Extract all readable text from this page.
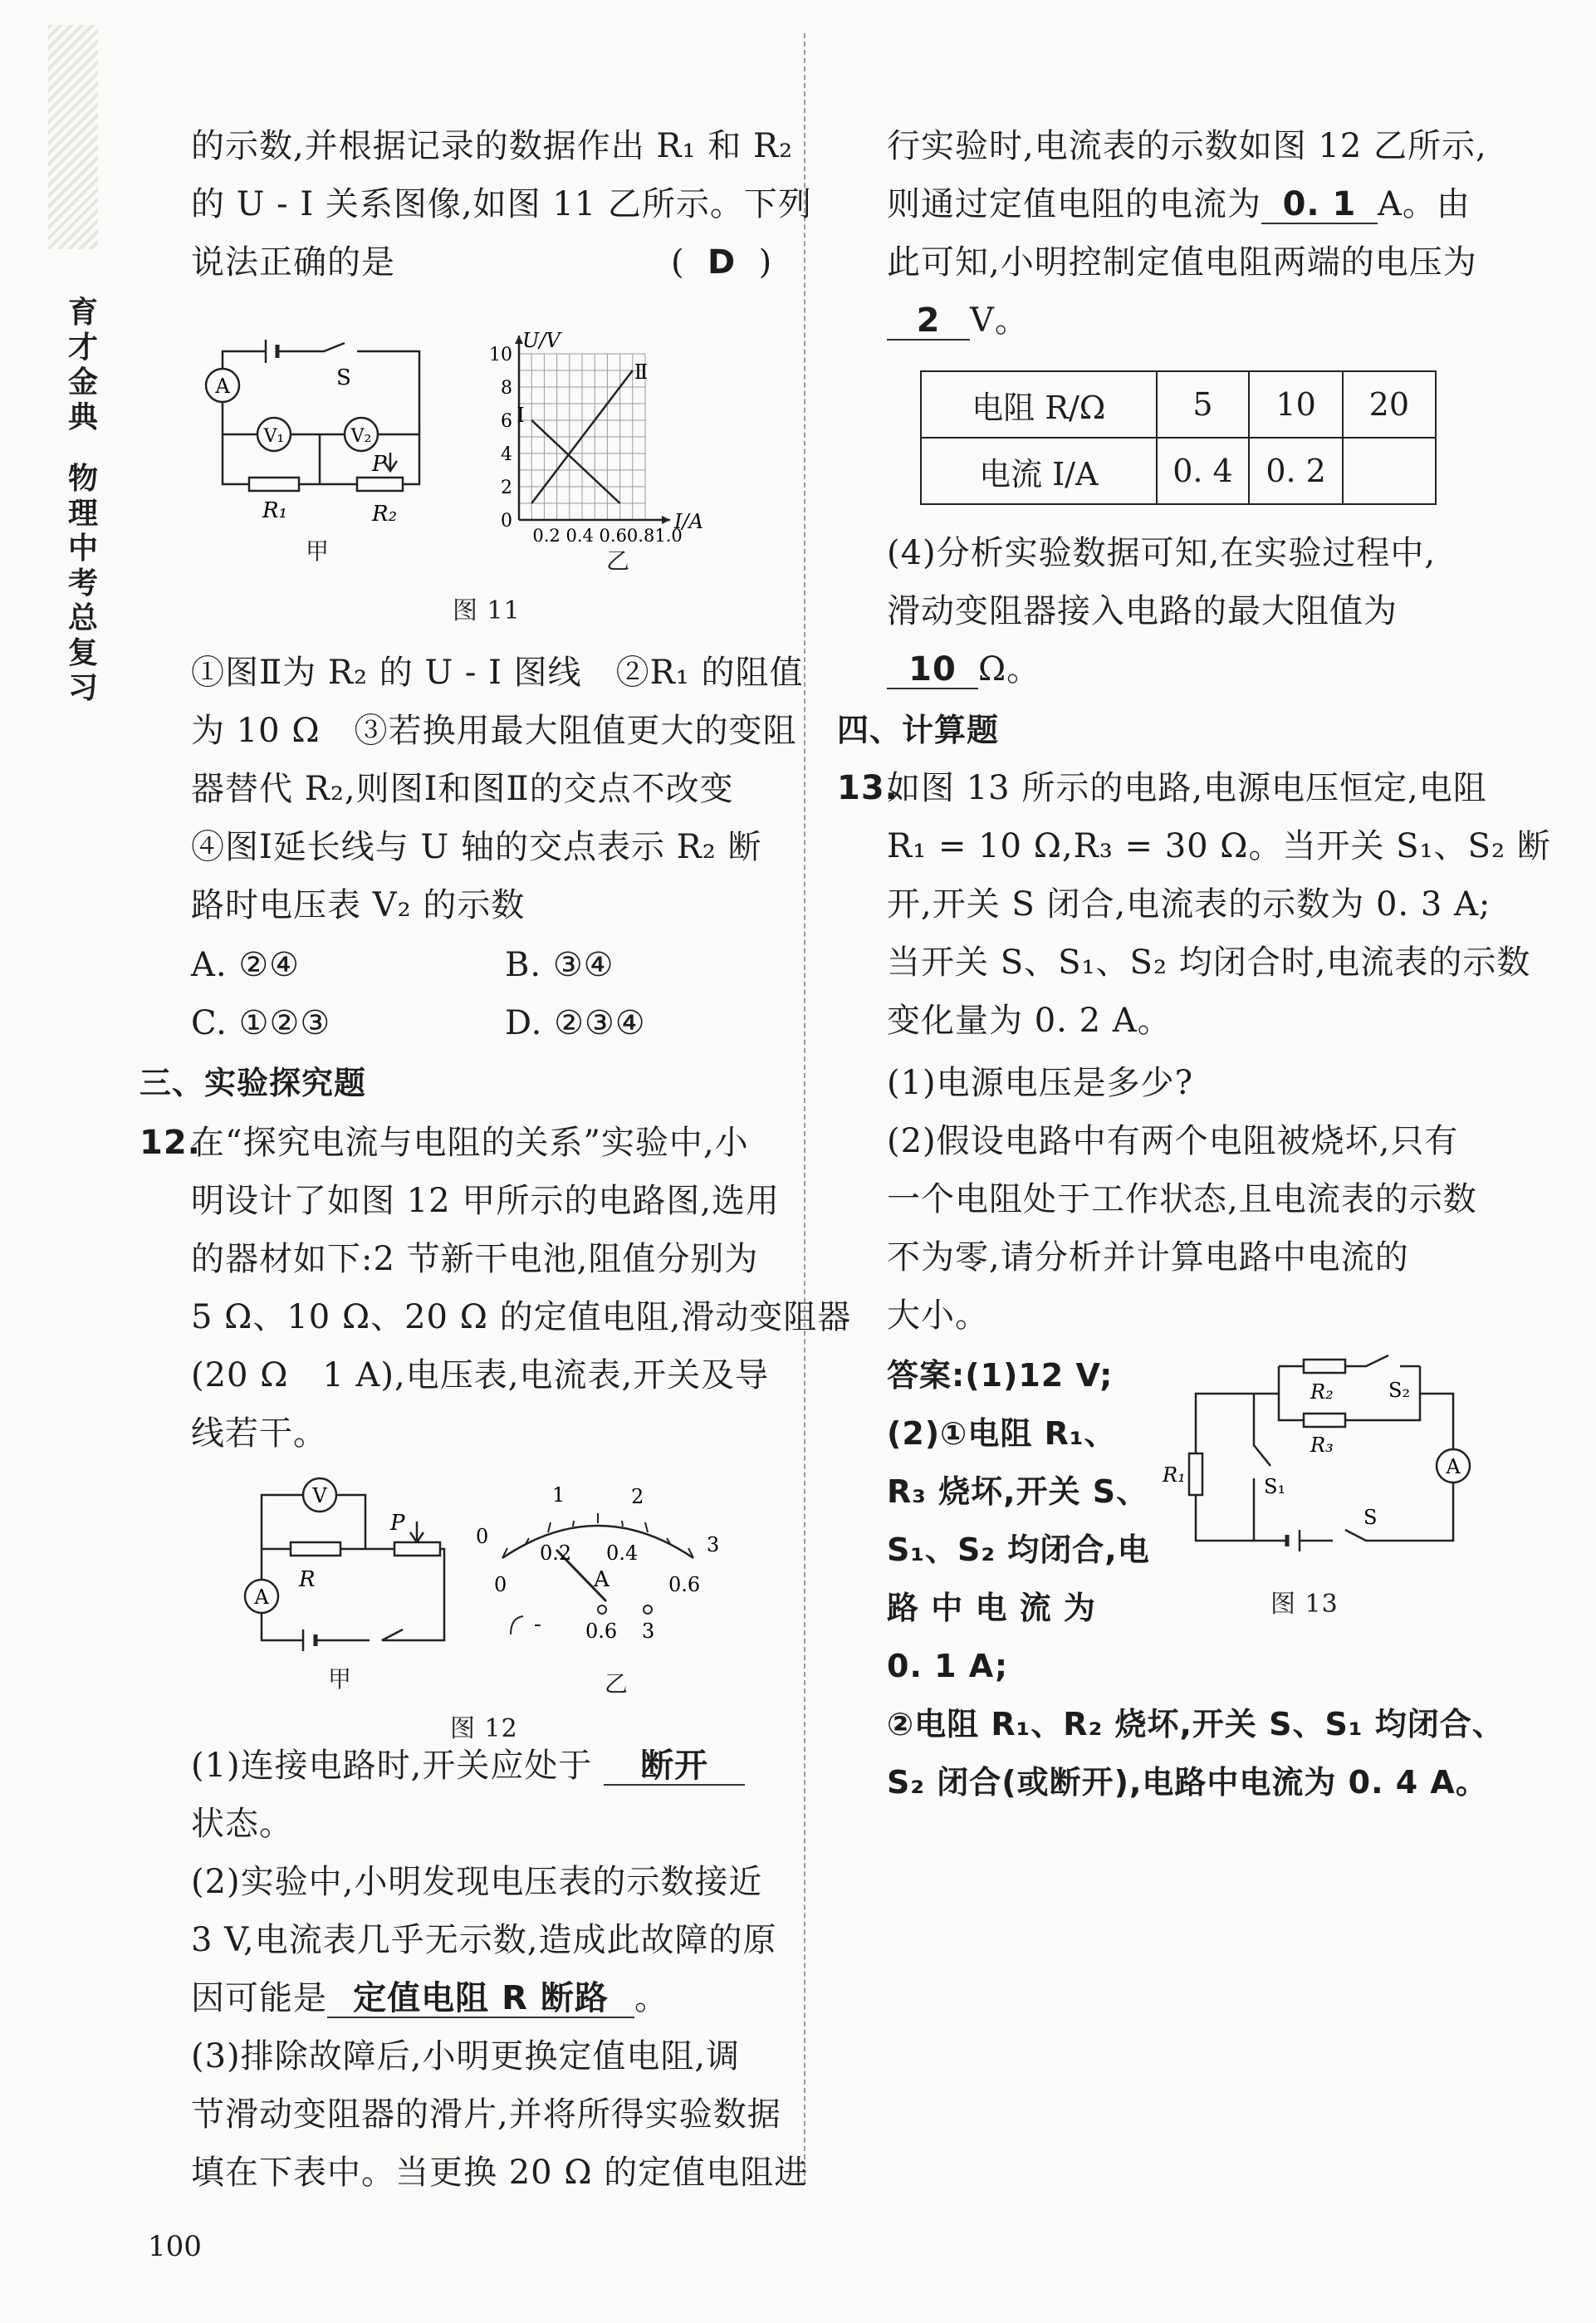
育才金典
物理中考总复习
的示数,并根据记录的数据作出 R₁ 和 R₂
的 U - I 关系图像,如图 11 乙所示。下列
说法正确的是	(  D  )
A
V₁	V₂
S
P
R₁	R₂
甲
0
2
4
6
8
10
0.2 0.4 0.60.81.0
U/V
I/A
Ⅰ
Ⅱ
乙
图 11
①图Ⅱ为 R₂ 的 U - I 图线　②R₁ 的阻值
为 10 Ω　③若换用最大阻值更大的变阻
器替代 R₂,则图Ⅰ和图Ⅱ的交点不改变
④图Ⅰ延长线与 U 轴的交点表示 R₂ 断
路时电压表 V₂ 的示数
A. ②④	B. ③④
C. ①②③	D. ②③④
三、实验探究题
12.
在“探究电流与电阻的关系”实验中,小
明设计了如图 12 甲所示的电路图,选用
的器材如下:2 节新干电池,阻值分别为
5 Ω、10 Ω、20 Ω 的定值电阻,滑动变阻器
(20 Ω　1 A),电压表,电流表,开关及导
线若干。
V
A
R
P
甲
0
1	2
3
0
0.2 0.4
0.6
A
- 0.6 3
乙
图 12
(1)连接电路时,开关应处于 断开
状态。
(2)实验中,小明发现电压表的示数接近
3 V,电流表几乎无示数,造成此故障的原
因可能是 定值电阻 R 断路 。
(3)排除故障后,小明更换定值电阻,调
节滑动变阻器的滑片,并将所得实验数据
填在下表中。当更换 20 Ω 的定值电阻进
100
行实验时,电流表的示数如图 12 乙所示,
则通过定值电阻的电流为 0. 1 A。由
此可知,小明控制定值电阻两端的电压为
2 V。
电阻 R/Ω	5	10	20
电流 I/A	0. 4	0. 2	
(4)分析实验数据可知,在实验过程中,
滑动变阻器接入电路的最大阻值为
10 Ω。
四、计算题
13.
如图 13 所示的电路,电源电压恒定,电阻
R₁ = 10 Ω,R₃ = 30 Ω。当开关 S₁、S₂ 断
开,开关 S 闭合,电流表的示数为 0. 3 A;
当开关 S、S₁、S₂ 均闭合时,电流表的示数
变化量为 0. 2 A。
(1)电源电压是多少?
(2)假设电路中有两个电阻被烧坏,只有
一个电阻处于工作状态,且电流表的示数
不为零,请分析并计算电路中电流的
大小。
答案:(1)12 V;
(2)①电阻 R₁、
R₃ 烧坏,开关 S、
S₁、S₂ 均闭合,电
路 中 电 流 为
0. 1 A;
②电阻 R₁、R₂ 烧坏,开关 S、S₁ 均闭合、
S₂ 闭合(或断开),电路中电流为 0. 4 A。
A
R₂	S₂
R₃
R₁	S₁
S
图 13
